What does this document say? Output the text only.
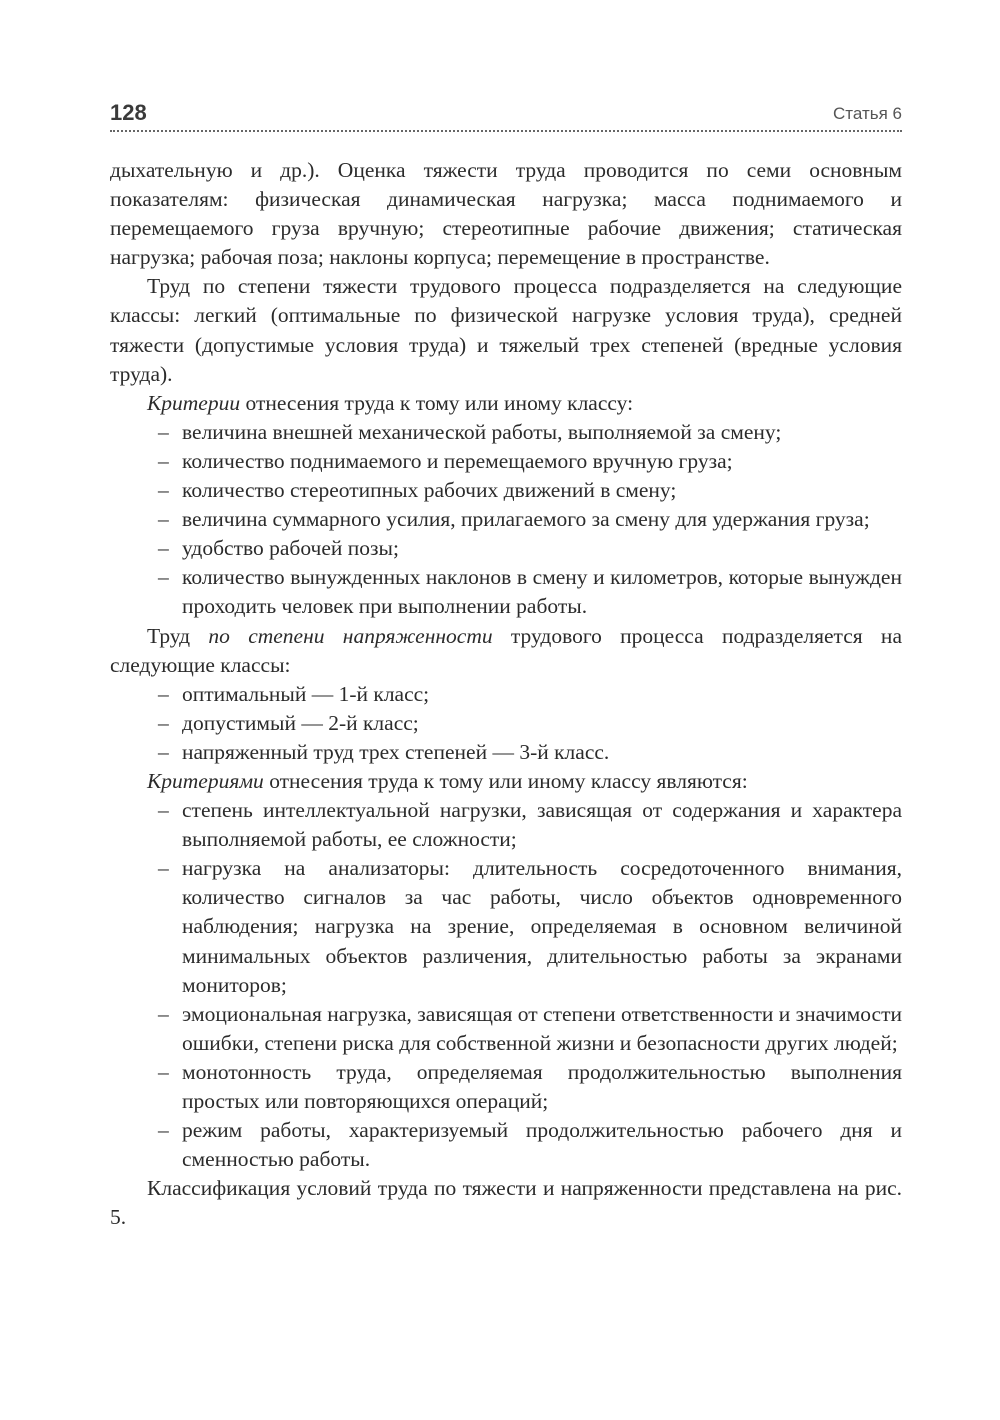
128	Статья 6

дыхательную и др.). Оценка тяжести труда проводится по семи основным показателям: физическая динамическая нагрузка; масса поднимаемого и перемещаемого груза вручную; стереотипные рабочие движения; статическая нагрузка; рабочая поза; наклоны корпуса; перемещение в пространстве.

Труд по степени тяжести трудового процесса подразделяется на следующие классы: легкий (оптимальные по физической нагрузке условия труда), средней тяжести (допустимые условия труда) и тяжелый трех степеней (вредные условия труда).

Критерии отнесения труда к тому или иному классу:

– величина внешней механической работы, выполняемой за смену;
– количество поднимаемого и перемещаемого вручную груза;
– количество стереотипных рабочих движений в смену;
– величина суммарного усилия, прилагаемого за смену для удержания груза;
– удобство рабочей позы;
– количество вынужденных наклонов в смену и километров, которые вынужден проходить человек при выполнении работы.

Труд по степени напряженности трудового процесса подразделяется на следующие классы:

– оптимальный — 1-й класс;
– допустимый — 2-й класс;
– напряженный труд трех степеней — 3-й класс.

Критериями отнесения труда к тому или иному классу являются:

– степень интеллектуальной нагрузки, зависящая от содержания и характера выполняемой работы, ее сложности;
– нагрузка на анализаторы: длительность сосредоточенного внимания, количество сигналов за час работы, число объектов одновременного наблюдения; нагрузка на зрение, определяемая в основном величиной минимальных объектов различения, длительностью работы за экранами мониторов;
– эмоциональная нагрузка, зависящая от степени ответственности и значимости ошибки, степени риска для собственной жизни и безопасности других людей;
– монотонность труда, определяемая продолжительностью выполнения простых или повторяющихся операций;
– режим работы, характеризуемый продолжительностью рабочего дня и сменностью работы.

Классификация условий труда по тяжести и напряженности представлена на рис. 5.
